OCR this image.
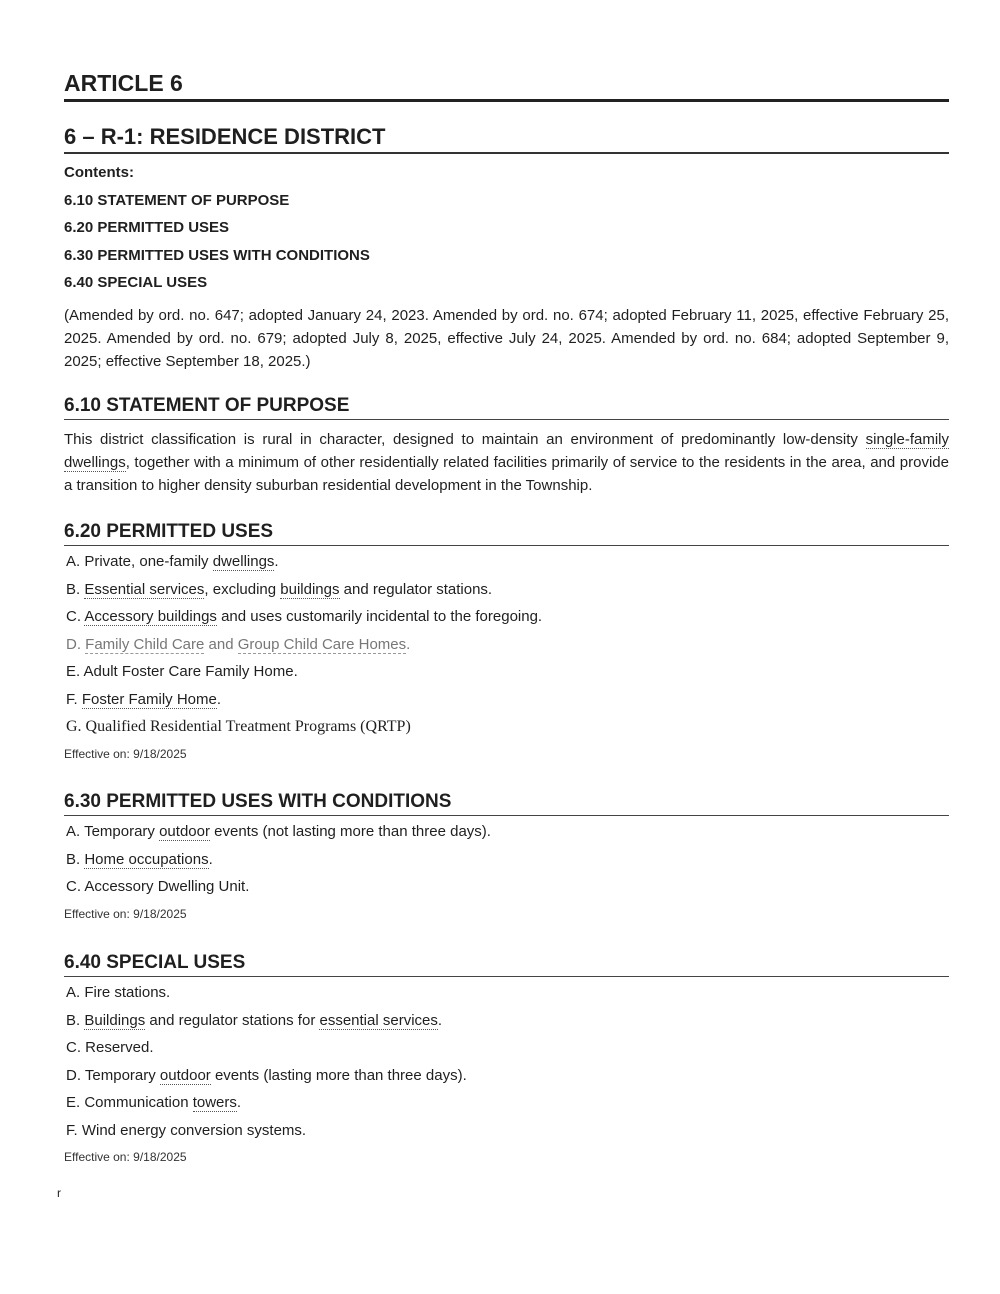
ARTICLE 6
6 – R-1: RESIDENCE DISTRICT
Contents:
6.10 STATEMENT OF PURPOSE
6.20 PERMITTED USES
6.30 PERMITTED USES WITH CONDITIONS
6.40 SPECIAL USES
(Amended by ord. no. 647; adopted January 24, 2023. Amended by ord. no. 674; adopted February 11, 2025, effective February 25, 2025. Amended by ord. no. 679; adopted July 8, 2025, effective July 24, 2025. Amended by ord. no. 684; adopted September 9, 2025; effective September 18, 2025.)
6.10 STATEMENT OF PURPOSE
This district classification is rural in character, designed to maintain an environment of predominantly low-density single-family dwellings, together with a minimum of other residentially related facilities primarily of service to the residents in the area, and provide a transition to higher density suburban residential development in the Township.
6.20 PERMITTED USES
A. Private, one-family dwellings.
B. Essential services, excluding buildings and regulator stations.
C. Accessory buildings and uses customarily incidental to the foregoing.
D. Family Child Care and Group Child Care Homes.
E. Adult Foster Care Family Home.
F. Foster Family Home.
G. Qualified Residential Treatment Programs (QRTP)
Effective on: 9/18/2025
6.30 PERMITTED USES WITH CONDITIONS
A. Temporary outdoor events (not lasting more than three days).
B. Home occupations.
C. Accessory Dwelling Unit.
Effective on: 9/18/2025
6.40 SPECIAL USES
A. Fire stations.
B. Buildings and regulator stations for essential services.
C. Reserved.
D. Temporary outdoor events (lasting more than three days).
E. Communication towers.
F. Wind energy conversion systems.
Effective on: 9/18/2025
r
